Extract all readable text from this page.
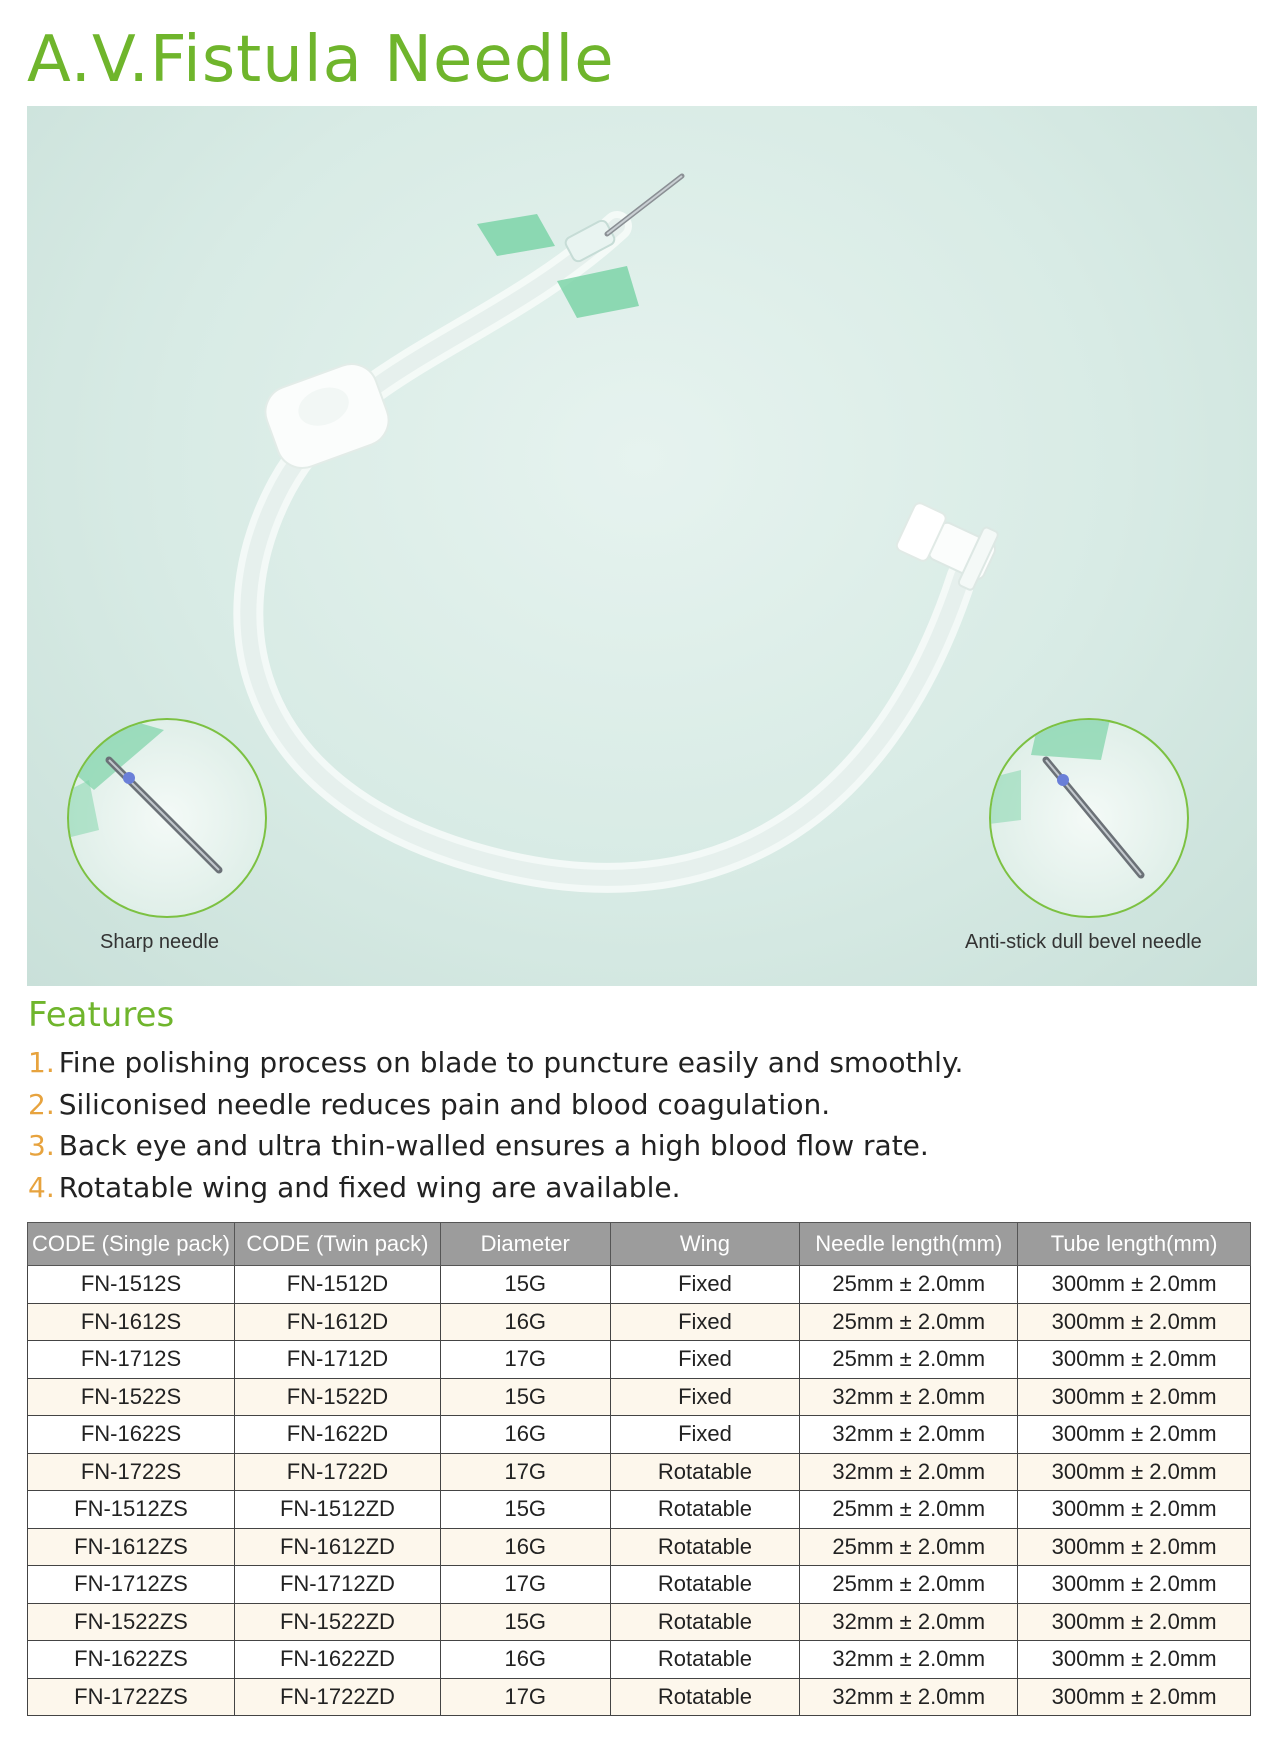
A.V.Fistula Needle
Sharp needle	Anti-stick dull bevel needle
Features
1. Fine polishing process on blade to puncture easily and smoothly.
2. Siliconised needle reduces pain and blood coagulation.
3. Back eye and ultra thin-walled ensures a high blood flow rate.
4. Rotatable wing and fixed wing are available.
CODE (Single pack)	CODE (Twin pack)	Diameter	Wing	Needle length(mm)	Tube length(mm)
FN-1512S	FN-1512D	15G	Fixed	25mm ± 2.0mm	300mm ± 2.0mm
FN-1612S	FN-1612D	16G	Fixed	25mm ± 2.0mm	300mm ± 2.0mm
FN-1712S	FN-1712D	17G	Fixed	25mm ± 2.0mm	300mm ± 2.0mm
FN-1522S	FN-1522D	15G	Fixed	32mm ± 2.0mm	300mm ± 2.0mm
FN-1622S	FN-1622D	16G	Fixed	32mm ± 2.0mm	300mm ± 2.0mm
FN-1722S	FN-1722D	17G	Rotatable	32mm ± 2.0mm	300mm ± 2.0mm
FN-1512ZS	FN-1512ZD	15G	Rotatable	25mm ± 2.0mm	300mm ± 2.0mm
FN-1612ZS	FN-1612ZD	16G	Rotatable	25mm ± 2.0mm	300mm ± 2.0mm
FN-1712ZS	FN-1712ZD	17G	Rotatable	25mm ± 2.0mm	300mm ± 2.0mm
FN-1522ZS	FN-1522ZD	15G	Rotatable	32mm ± 2.0mm	300mm ± 2.0mm
FN-1622ZS	FN-1622ZD	16G	Rotatable	32mm ± 2.0mm	300mm ± 2.0mm
FN-1722ZS	FN-1722ZD	17G	Rotatable	32mm ± 2.0mm	300mm ± 2.0mm
